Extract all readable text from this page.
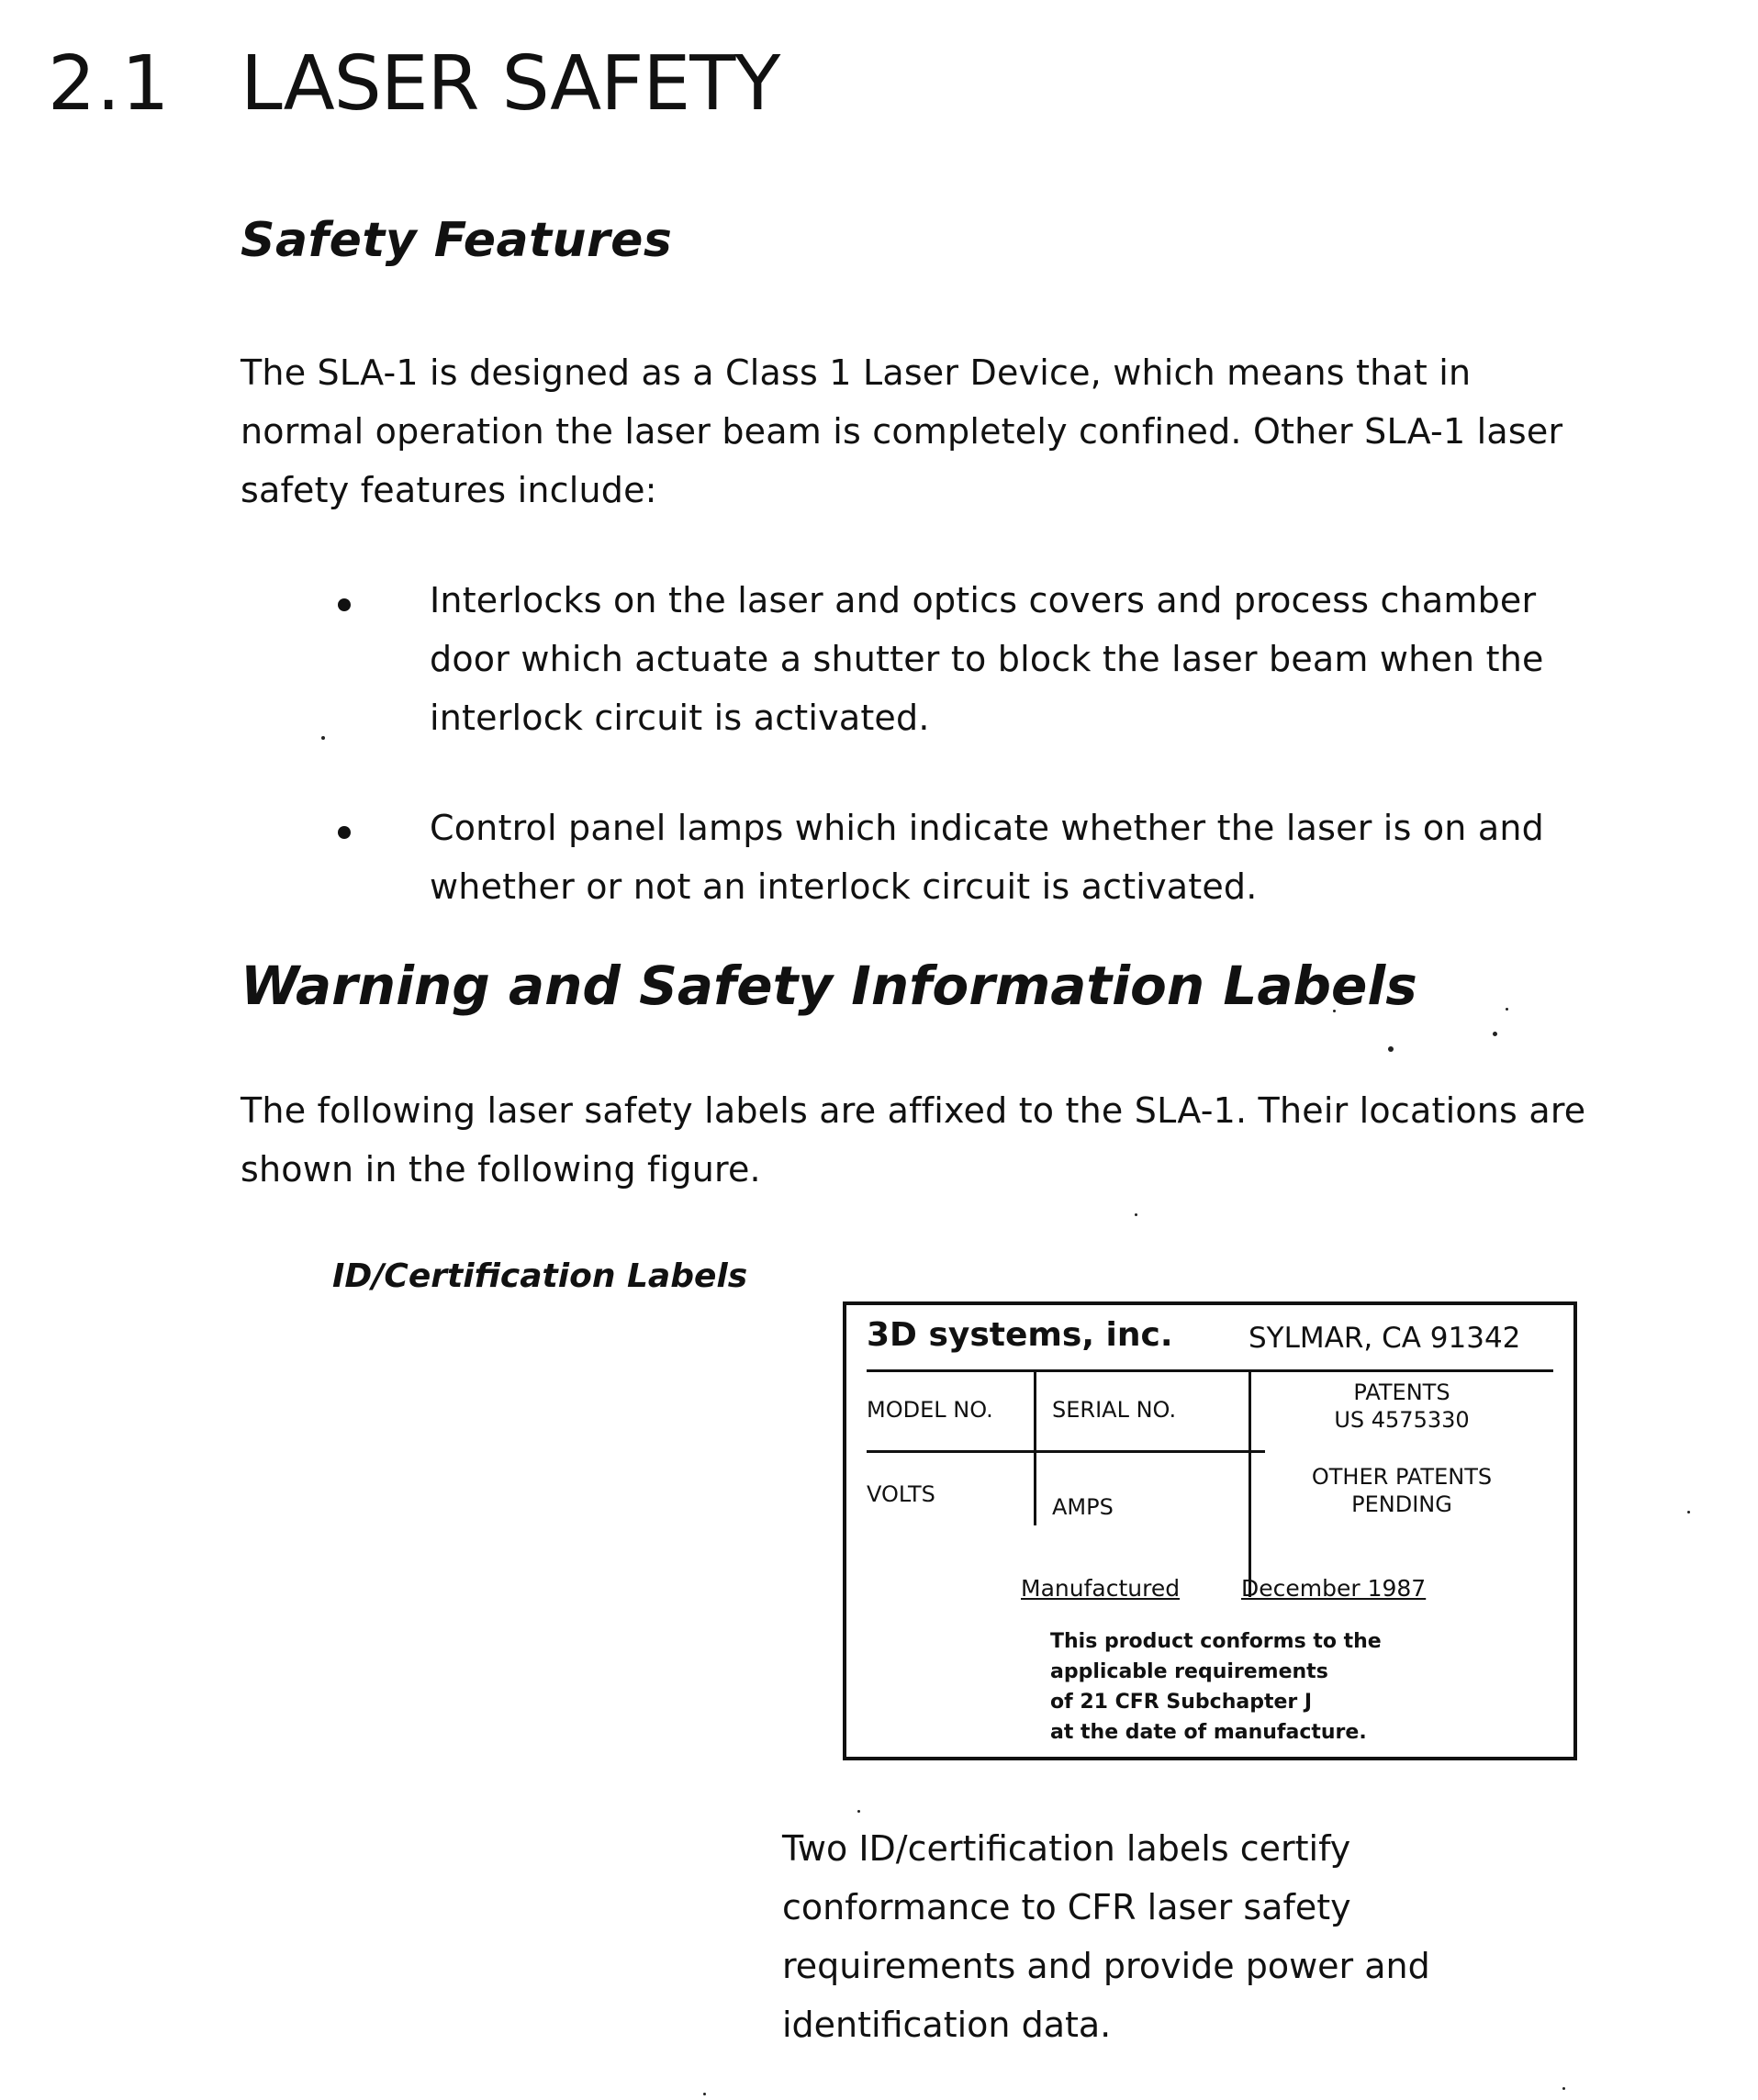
2.1 LASER SAFETY
Safety Features
The SLA-1 is designed as a Class 1 Laser Device, which means that in normal operation the laser beam is completely confined. Other SLA-1 laser safety features include:
Interlocks on the laser and optics covers and process chamber door which actuate a shutter to block the laser beam when the interlock circuit is activated.
Control panel lamps which indicate whether the laser is on and whether or not an interlock circuit is activated.
Warning and Safety Information Labels
The following laser safety labels are affixed to the SLA-1. Their locations are shown in the following figure.
ID/Certification Labels
3D systems, inc.	SYLMAR, CA 91342
MODEL NO.	SERIAL NO.
PATENTS
US 4575330
VOLTS	AMPS
OTHER PATENTS
PENDING
Manufactured	December 1987
This product conforms to the
applicable requirements
of 21 CFR Subchapter J
at the date of manufacture.
Two ID/certification labels certify conformance to CFR laser safety requirements and provide power and identification data.
